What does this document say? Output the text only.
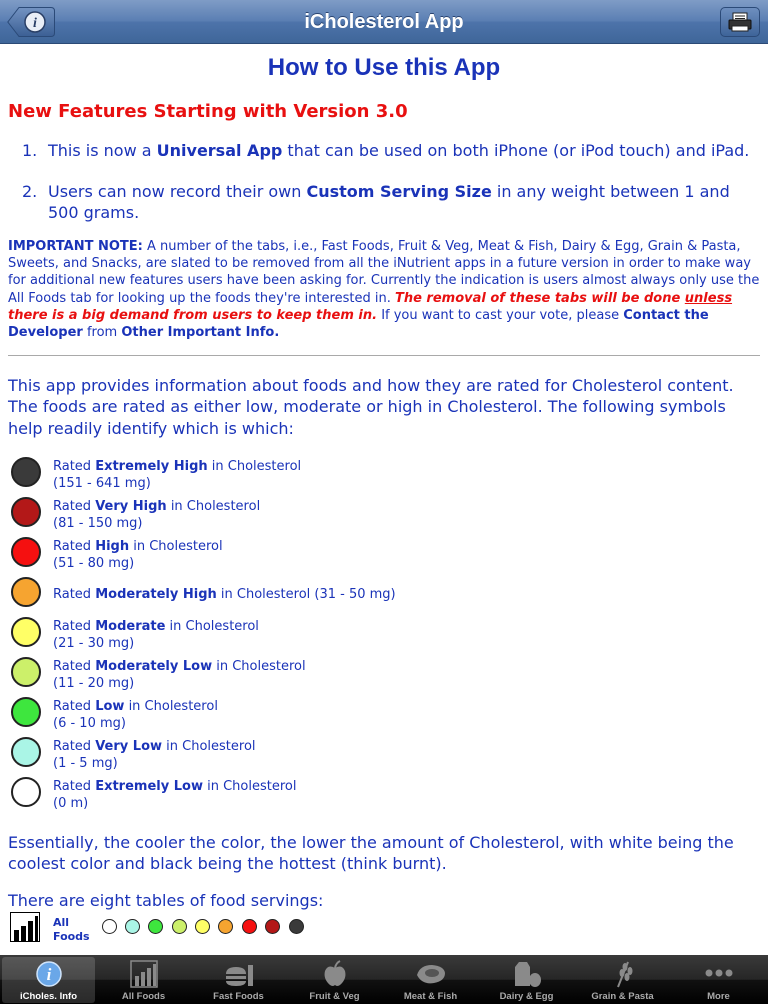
i	iCholesterol App
How to Use this App
New Features Starting with Version 3.0
1. This is now a Universal App that can be used on both iPhone (or iPod touch) and iPad.
2. Users can now record their own Custom Serving Size in any weight between 1 and 500 grams.
IMPORTANT NOTE: A number of the tabs, i.e., Fast Foods, Fruit & Veg, Meat & Fish, Dairy & Egg, Grain & Pasta, Sweets, and Snacks, are slated to be removed from all the iNutrient apps in a future version in order to make way for additional new features users have been asking for. Currently the indication is users almost always only use the All Foods tab for looking up the foods they're interested in. The removal of these tabs will be done unless there is a big demand from users to keep them in. If you want to cast your vote, please Contact the Developer from Other Important Info.
This app provides information about foods and how they are rated for Cholesterol content. The foods are rated as either low, moderate or high in Cholesterol. The following symbols help readily identify which is which:
Rated Extremely High in Cholesterol
(151 - 641 mg)
Rated Very High in Cholesterol
(81 - 150 mg)
Rated High in Cholesterol
(51 - 80 mg)
Rated Moderately High in Cholesterol (31 - 50 mg)
Rated Moderate in Cholesterol
(21 - 30 mg)
Rated Moderately Low in Cholesterol
(11 - 20 mg)
Rated Low in Cholesterol
(6 - 10 mg)
Rated Very Low in Cholesterol
(1 - 5 mg)
Rated Extremely Low in Cholesterol
(0 m)
Essentially, the cooler the color, the lower the amount of Cholesterol, with white being the coolest color and black being the hottest (think burnt).
There are eight tables of food servings:
All
Foods
i
iCholes. Info	All Foods	Fast Foods	Fruit & Veg	Meat & Fish	Dairy & Egg	Grain & Pasta	More
